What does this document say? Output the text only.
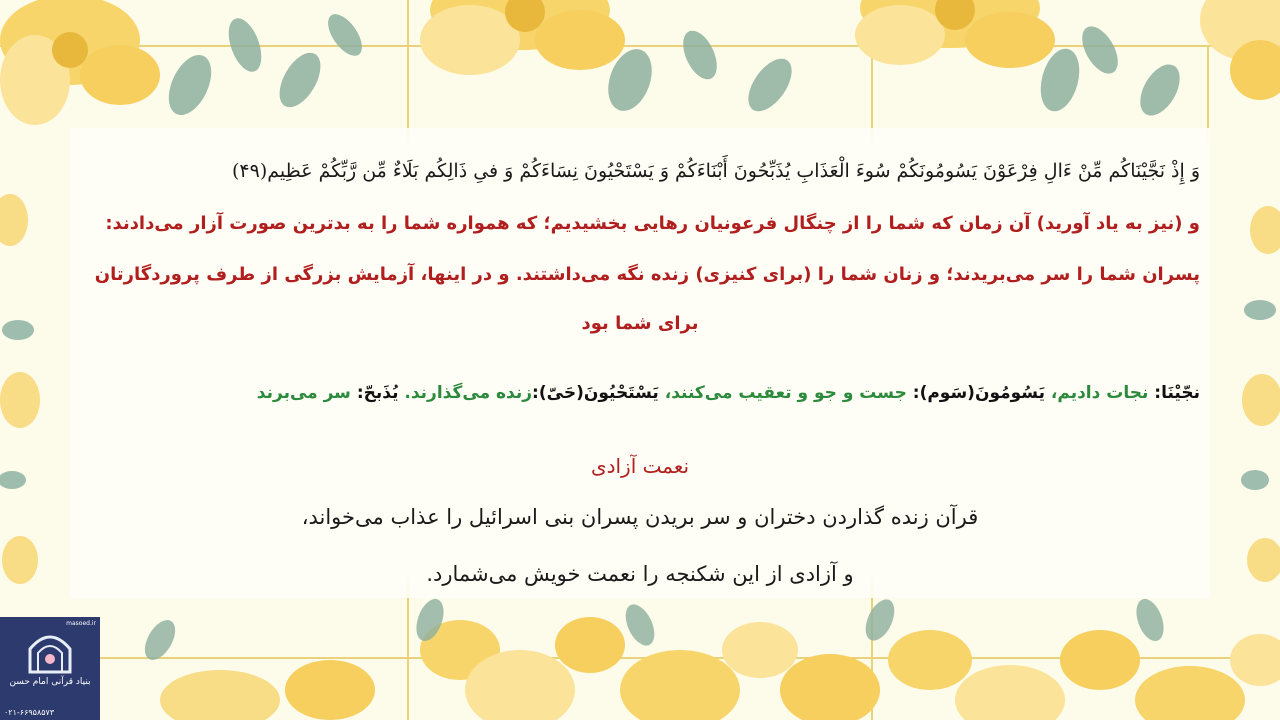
وَ إِذْ نَجَّيْنَاكُم مِّنْ ءَالِ فِرْعَوْنَ يَسُومُونَكُمْ سُوءَ الْعَذَابِ يُذَبِّحُونَ أَبْنَاءَكُمْ وَ يَسْتَحْيُونَ نِسَاءَكُمْ وَ فىِ ذَالِكُم بَلَاءٌ مِّن رَّبِّكُمْ عَظِيم(۴۹)
و (نیز به یاد آورید) آن زمان که شما را از چنگال فرعونیان رهایی بخشیدیم؛ که همواره شما را به بدترین صورت آزار می‌دادند:
پسران شما را سر می‌بریدند؛ و زنان شما را (برای کنیزی) زنده نگه می‌داشتند. و در اینها، آزمایش بزرگی از طرف پروردگارتان
برای شما بود
نجّیْنَا: نجات دادیم، یَسُومُونَ(سَوم): جست و جو و تعقیب می‌کنند، یَسْتَحْيُونَ(حَیّ):زنده می‌گذارند. یُذَبحّ: سر می‌برند
نعمت آزادی
قرآن زنده گذاردن دختران و سر بریدن پسران بنی اسرائیل را عذاب می‌خواند،
و آزادی از این شکنجه را نعمت خویش می‌شمارد.
masoed.ir
بنیاد قرآنی امام حسن
۰۲۱-۶۶۹۵۸۵۷۳
